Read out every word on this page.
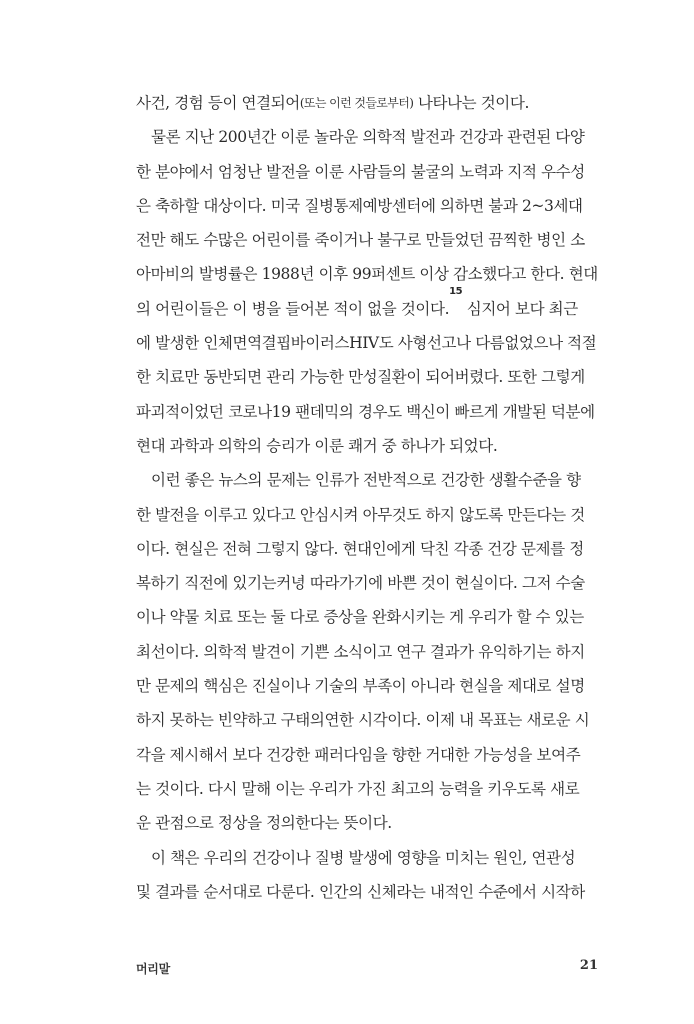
사건, 경험 등이 연결되어 (또는 이런 것들로부터)
나타나는 것이다.
물론 지난 200년간 이룬 놀라운 의학적 발전과 건강과 관련된 다양
한 분야에서 엄청난 발전을 이룬 사람들의 불굴의 노력과 지적 우수성
은 축하할 대상이다. 미국 질병통제예방센터에 의하면 불과 2~3세대
전만 해도 수많은 어린이를 죽이거나 불구로 만들었던 끔찍한 병인 소
아마비의 발병률은 1988년 이후 99퍼센트 이상 감소했다고 한다. 현대
의 어린이들은 이 병을 들어본 적이 없을 것이다.
15
심지어 보다 최근
에 발생한 인체면역결핍바이러스HIV도 사형선고나 다름없었으나 적절
한 치료만 동반되면 관리 가능한 만성질환이 되어버렸다. 또한 그렇게
파괴적이었던 코로나19 팬데믹의 경우도 백신이 빠르게 개발된 덕분에
현대 과학과 의학의 승리가 이룬 쾌거 중 하나가 되었다.
이런 좋은 뉴스의 문제는 인류가 전반적으로 건강한 생활수준을 향
한 발전을 이루고 있다고 안심시켜 아무것도 하지 않도록 만든다는 것
이다. 현실은 전혀 그렇지 않다. 현대인에게 닥친 각종 건강 문제를 정
복하기 직전에 있기는커녕 따라가기에 바쁜 것이 현실이다. 그저 수술
이나 약물 치료 또는 둘 다로 증상을 완화시키는 게 우리가 할 수 있는
최선이다. 의학적 발견이 기쁜 소식이고 연구 결과가 유익하기는 하지
만 문제의 핵심은 진실이나 기술의 부족이 아니라 현실을 제대로 설명
하지 못하는 빈약하고 구태의연한 시각이다. 이제 내 목표는 새로운 시
각을 제시해서 보다 건강한 패러다임을 향한 거대한 가능성을 보여주
는 것이다. 다시 말해 이는 우리가 가진 최고의 능력을 키우도록 새로
운 관점으로 정상을 정의한다는 뜻이다.
이 책은 우리의 건강이나 질병 발생에 영향을 미치는 원인, 연관성
및 결과를 순서대로 다룬다. 인간의 신체라는 내적인 수준에서 시작하
머리말	21
